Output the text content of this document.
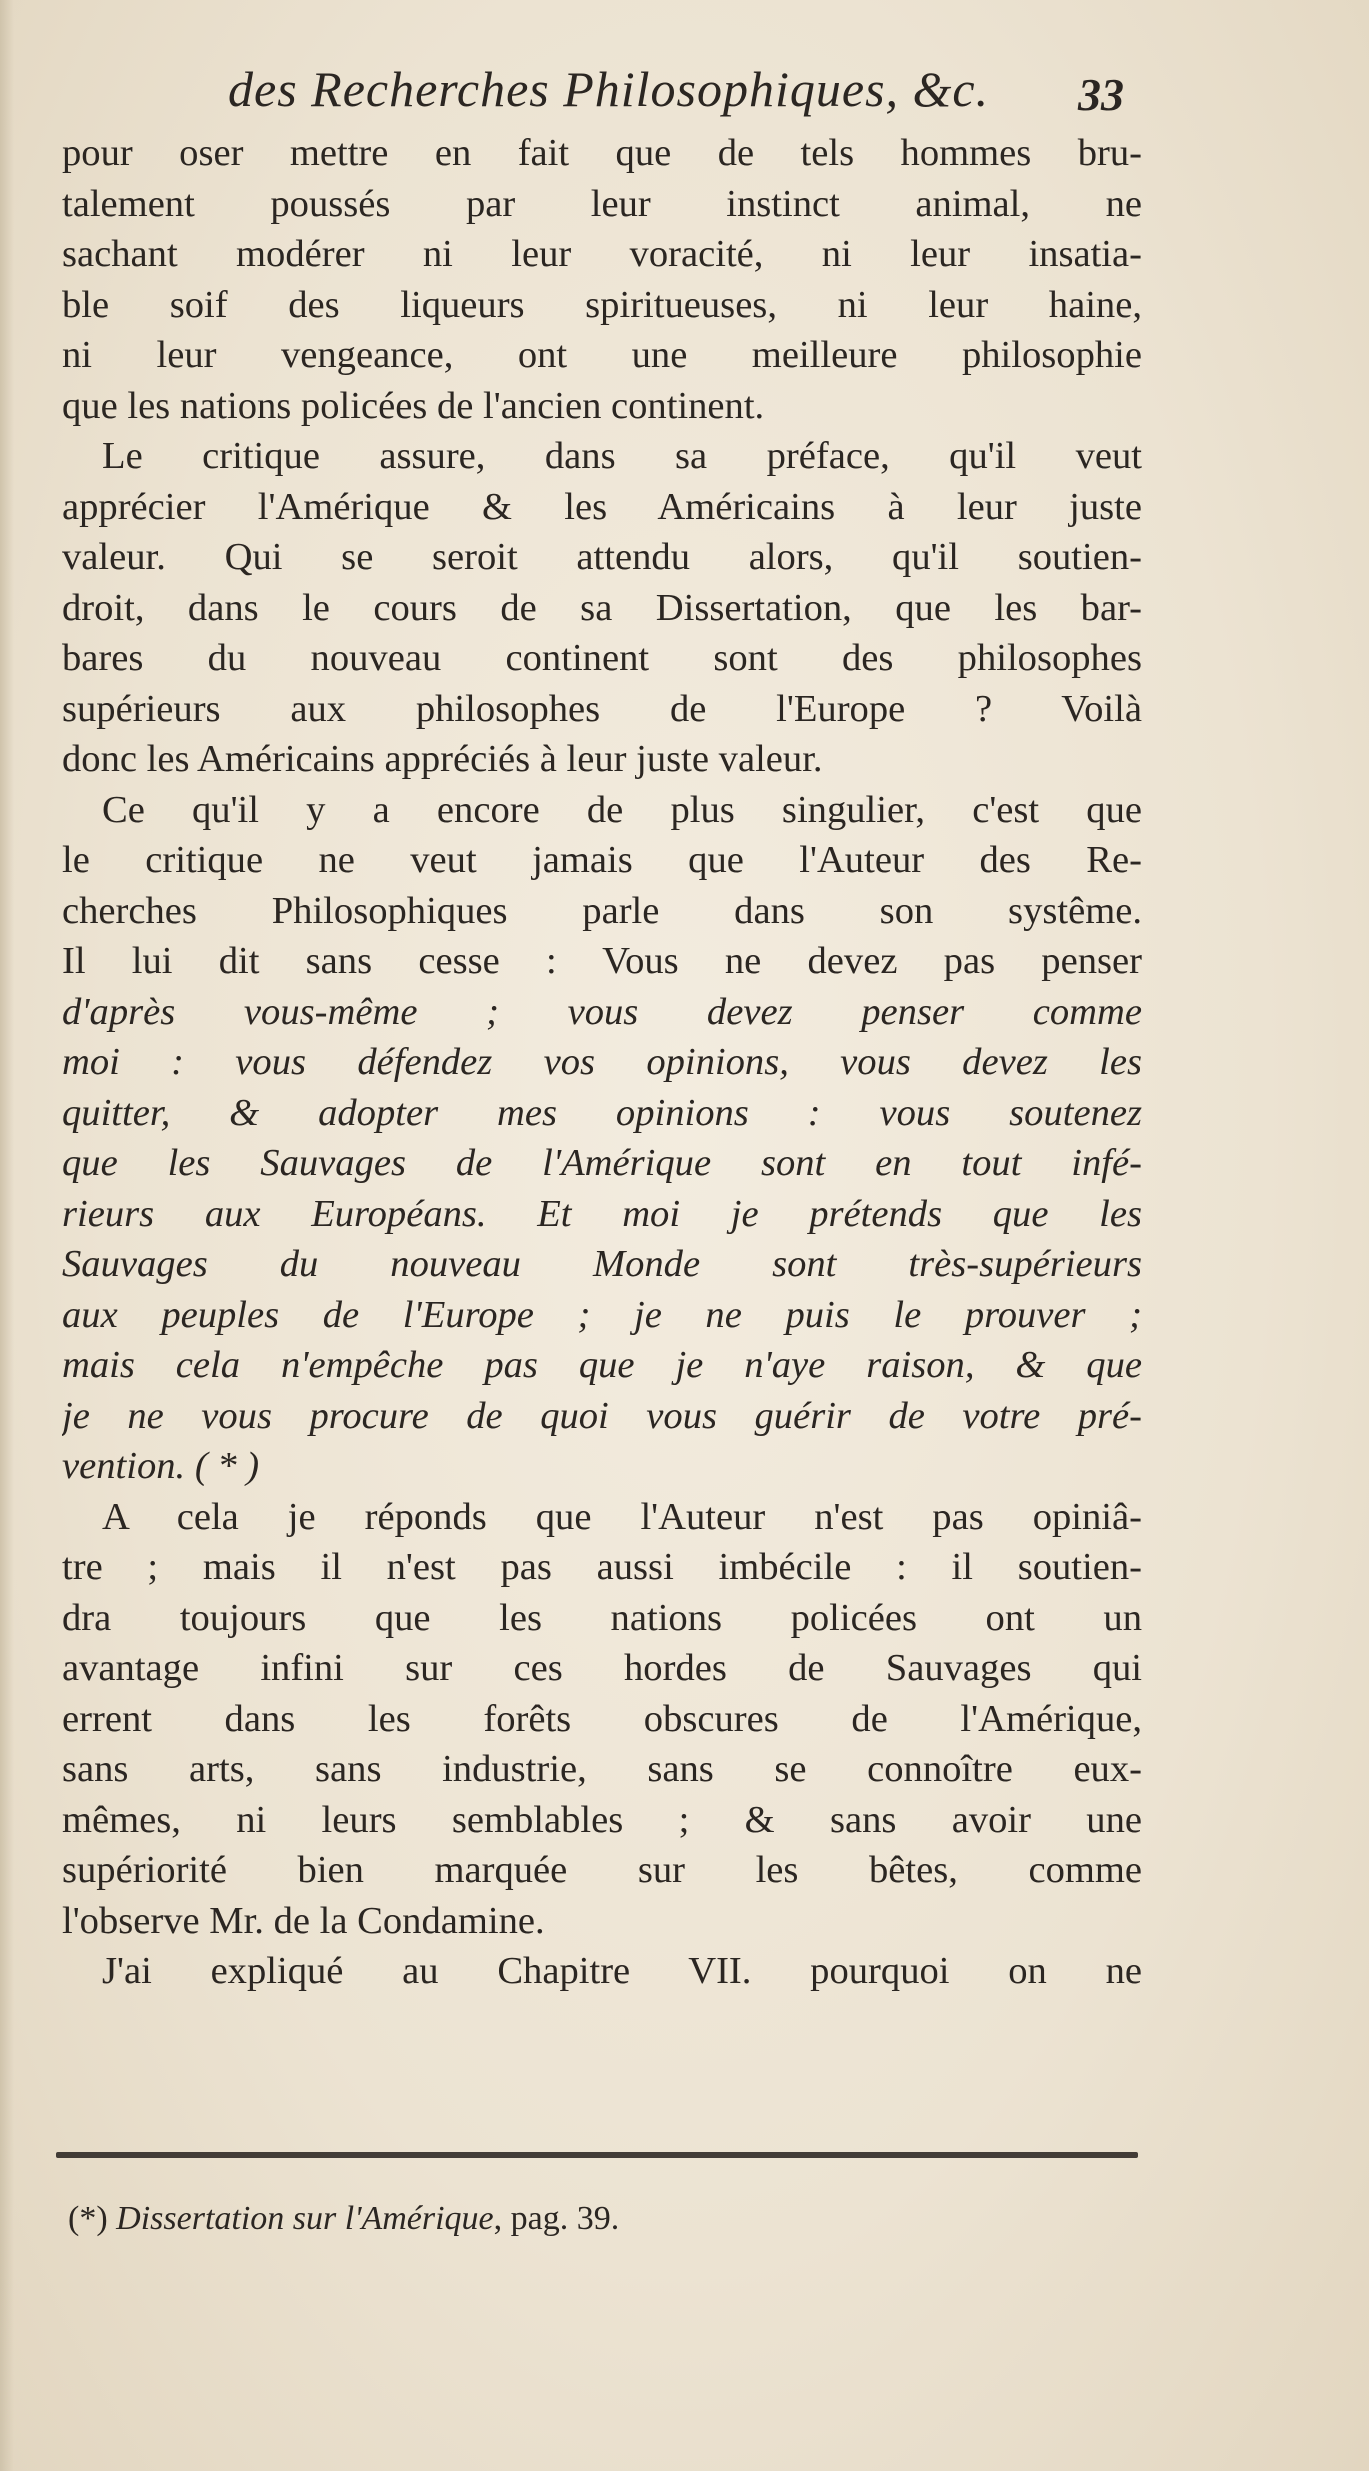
des Recherches Philosophiques, &c. 33
pour oser mettre en fait que de tels hommes bru-
talement poussés par leur instinct animal, ne
sachant modérer ni leur voracité, ni leur insatia-
ble soif des liqueurs spiritueuses, ni leur haine,
ni leur vengeance, ont une meilleure philosophie
que les nations policées de l'ancien continent.
Le critique assure, dans sa préface, qu'il veut
apprécier l'Amérique & les Américains à leur juste
valeur. Qui se seroit attendu alors, qu'il soutien-
droit, dans le cours de sa Dissertation, que les bar-
bares du nouveau continent sont des philosophes
supérieurs aux philosophes de l'Europe ? Voilà
donc les Américains appréciés à leur juste valeur.
Ce qu'il y a encore de plus singulier, c'est que
le critique ne veut jamais que l'Auteur des Re-
cherches Philosophiques parle dans son systême.
Il lui dit sans cesse : Vous ne devez pas penser
d'après vous-même ; vous devez penser comme
moi : vous défendez vos opinions, vous devez les
quitter, & adopter mes opinions : vous soutenez
que les Sauvages de l'Amérique sont en tout infé-
rieurs aux Européans. Et moi je prétends que les
Sauvages du nouveau Monde sont très-supérieurs
aux peuples de l'Europe ; je ne puis le prouver ;
mais cela n'empêche pas que je n'aye raison, & que
je ne vous procure de quoi vous guérir de votre pré-
vention. ( * )
A cela je réponds que l'Auteur n'est pas opiniâ-
tre ; mais il n'est pas aussi imbécile : il soutien-
dra toujours que les nations policées ont un
avantage infini sur ces hordes de Sauvages qui
errent dans les forêts obscures de l'Amérique,
sans arts, sans industrie, sans se connoître eux-
mêmes, ni leurs semblables ; & sans avoir une
supériorité bien marquée sur les bêtes, comme
l'observe Mr. de la Condamine.
J'ai expliqué au Chapitre VII. pourquoi on ne
(*) Dissertation sur l'Amérique, pag. 39.
